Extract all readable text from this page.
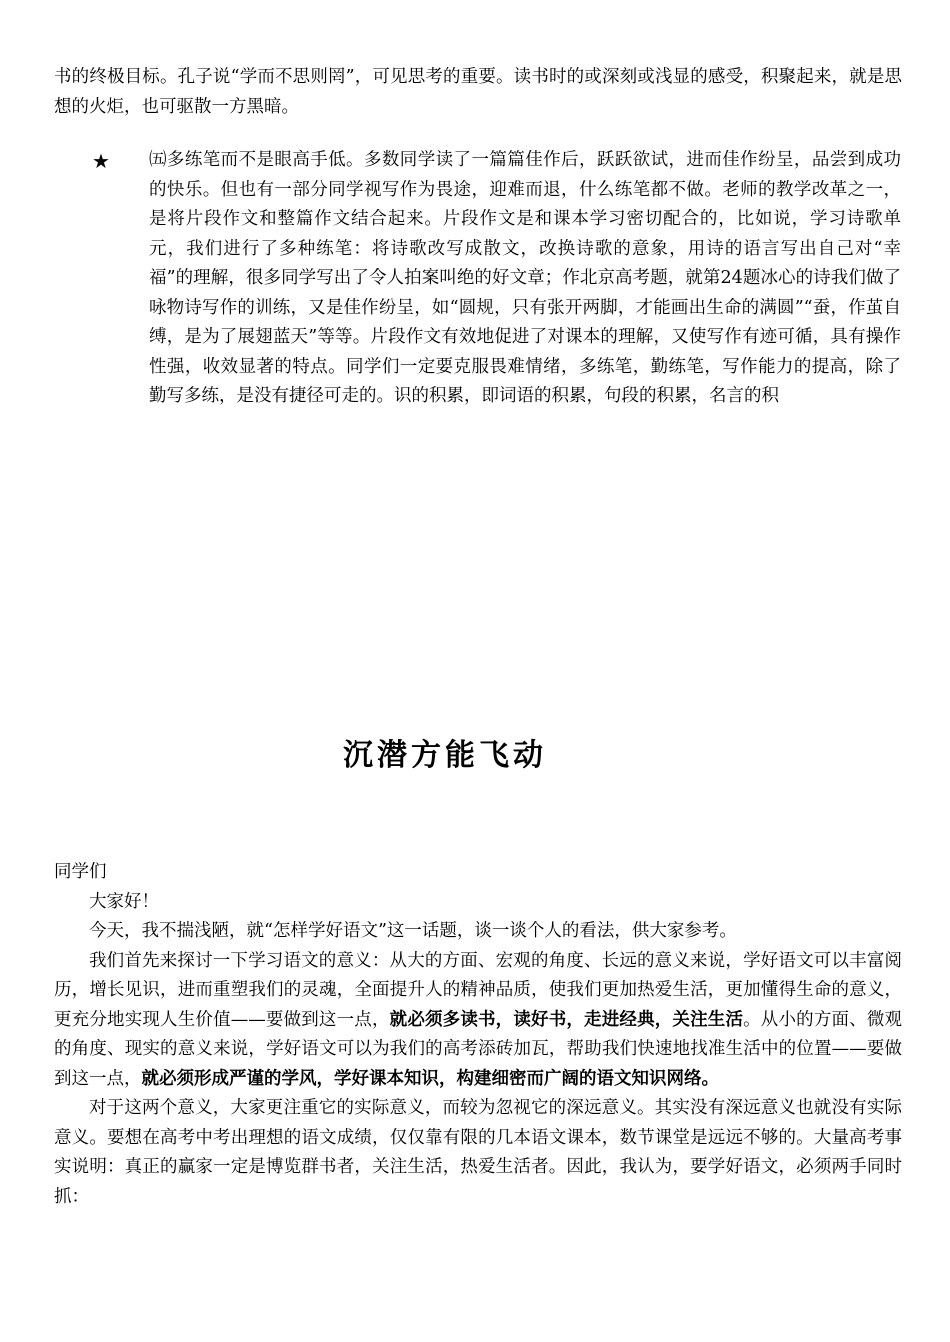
书的终极目标。孔子说“学而不思则罔”，可见思考的重要。读书时的或深刻或浅显的感受，积聚起来，就是思想的火炬，也可驱散一方黑暗。

★ ㈤多练笔而不是眼高手低。多数同学读了一篇篇佳作后，跃跃欲试，进而佳作纷呈，品尝到成功的快乐。但也有一部分同学视写作为畏途，迎难而退，什么练笔都不做。老师的教学改革之一，是将片段作文和整篇作文结合起来。片段作文是和课本学习密切配合的，比如说，学习诗歌单元，我们进行了多种练笔：将诗歌改写成散文，改换诗歌的意象，用诗的语言写出自己对“幸福”的理解，很多同学写出了令人拍案叫绝的好文章；作北京高考题，就第24题冰心的诗我们做了咏物诗写作的训练，又是佳作纷呈，如“圆规，只有张开两脚，才能画出生命的满圆”“蚕，作茧自缚，是为了展翅蓝天”等等。片段作文有效地促进了对课本的理解，又使写作有迹可循，具有操作性强，收效显著的特点。同学们一定要克服畏难情绪，多练笔，勤练笔，写作能力的提高，除了勤写多练，是没有捷径可走的。识的积累，即词语的积累，句段的积累，名言的积

沉潜方能飞动

同学们

大家好！

今天，我不揣浅陋，就“怎样学好语文”这一话题，谈一谈个人的看法，供大家参考。

我们首先来探讨一下学习语文的意义：从大的方面、宏观的角度、长远的意义来说，学好语文可以丰富阅历，增长见识，进而重塑我们的灵魂，全面提升人的精神品质，使我们更加热爱生活，更加懂得生命的意义，更充分地实现人生价值——要做到这一点，就必须多读书，读好书，走进经典，关注生活。从小的方面、微观的角度、现实的意义来说，学好语文可以为我们的高考添砖加瓦，帮助我们快速地找准生活中的位置——要做到这一点，就必须形成严谨的学风，学好课本知识，构建细密而广阔的语文知识网络。

对于这两个意义，大家更注重它的实际意义，而较为忽视它的深远意义。其实没有深远意义也就没有实际意义。要想在高考中考出理想的语文成绩，仅仅靠有限的几本语文课本，数节课堂是远远不够的。大量高考事实说明：真正的赢家一定是博览群书者，关注生活，热爱生活者。因此，我认为，要学好语文，必须两手同时抓：
